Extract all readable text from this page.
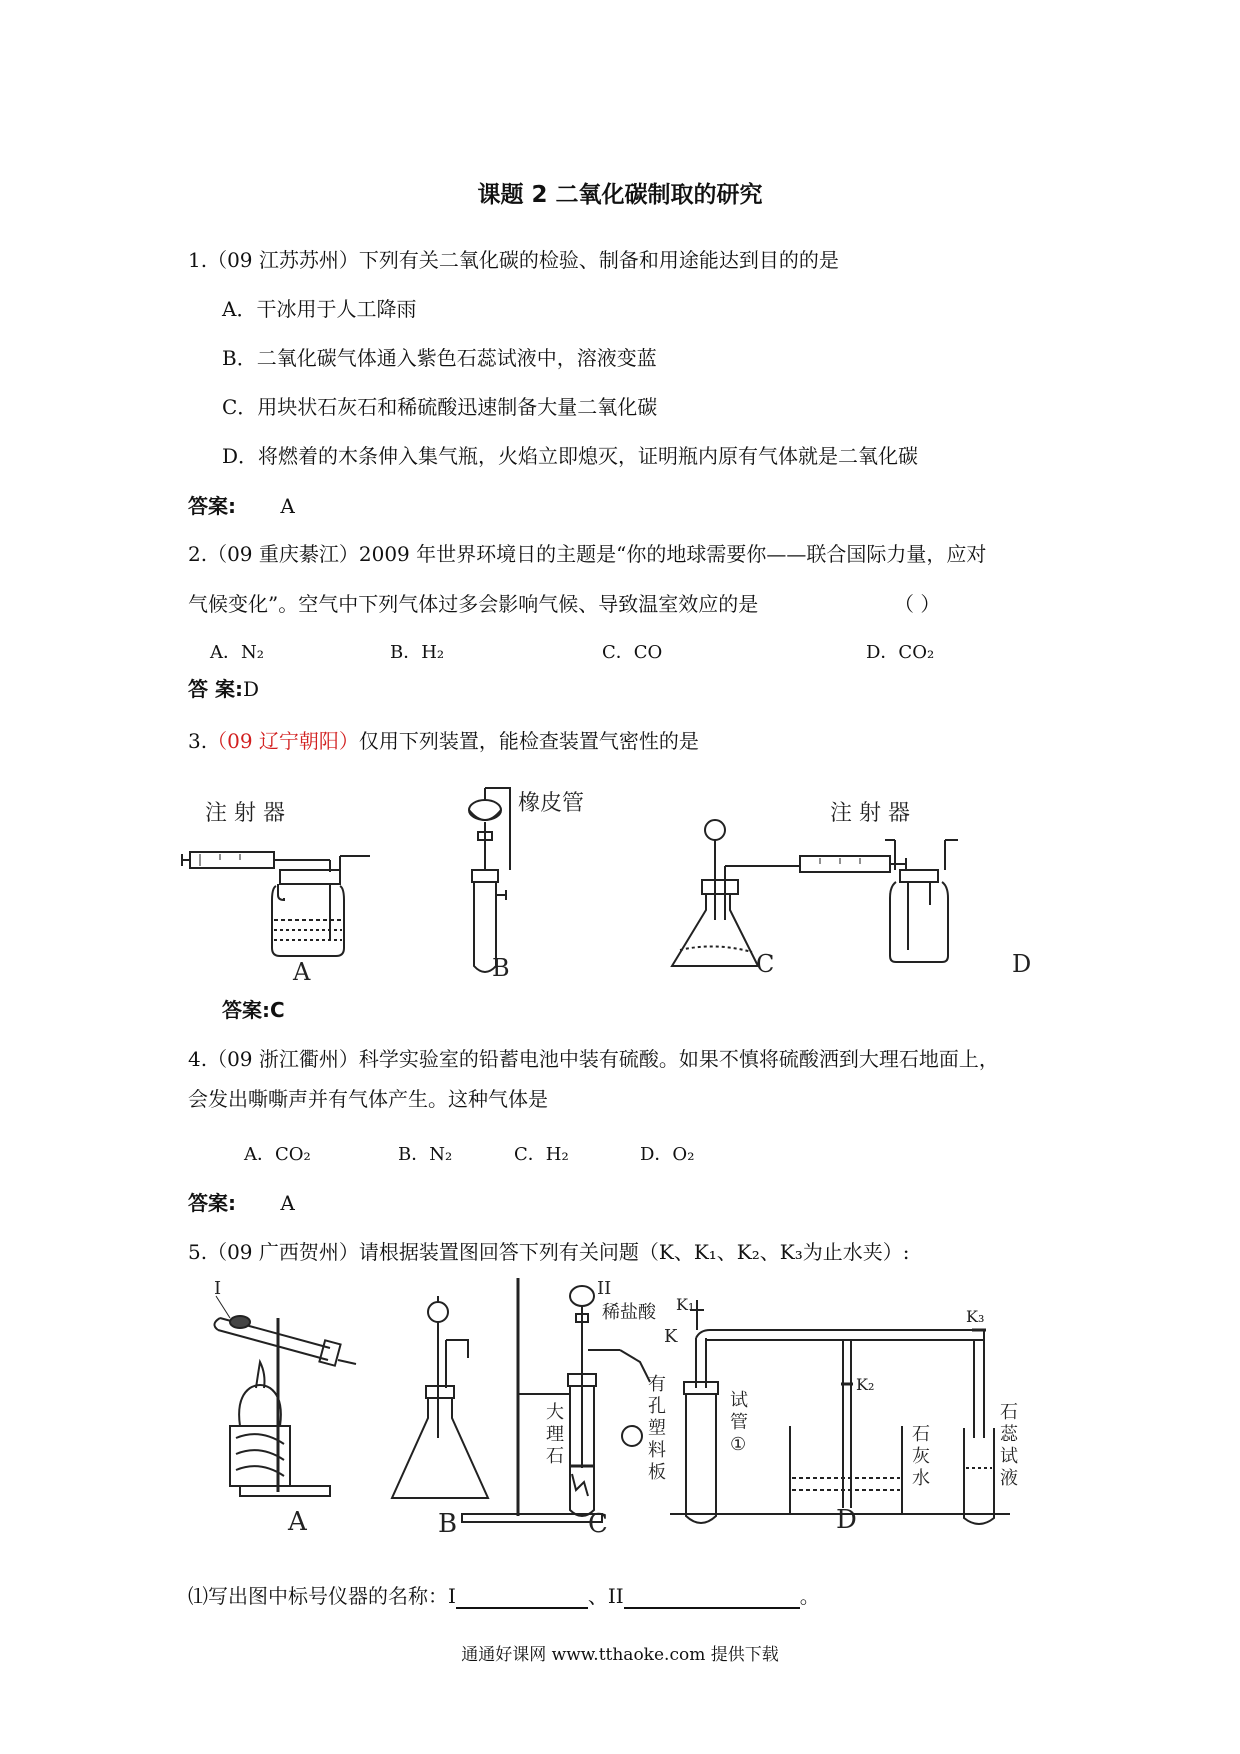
课题 2 二氧化碳制取的研究
1.（09 江苏苏州）下列有关二氧化碳的检验、制备和用途能达到目的的是
A．干冰用于人工降雨
B．二氧化碳气体通入紫色石蕊试液中，溶液变蓝
C．用块状石灰石和稀硫酸迅速制备大量二氧化碳
D．将燃着的木条伸入集气瓶，火焰立即熄灭，证明瓶内原有气体就是二氧化碳
答案: A
2.（09 重庆綦江）2009 年世界环境日的主题是“你的地球需要你——联合国际力量，应对
气候变化”。空气中下列气体过多会影响气候、导致温室效应的是	（ ）
A．N₂	B．H₂	C．CO	D．CO₂
答 案:D
3.（09 辽宁朝阳）仅用下列装置，能检查装置气密性的是
注 射 器	橡皮管	注 射 器
A	B	C	D
答案:C
4.（09 浙江衢州）科学实验室的铅蓄电池中装有硫酸。如果不慎将硫酸洒到大理石地面上，
会发出嘶嘶声并有气体产生。这种气体是
A．CO₂	B．N₂	C．H₂	D．O₂
答案: A
5.（09 广西贺州）请根据装置图回答下列有关问题（K、K₁、K₂、K₃为止水夹）:
I	II
稀盐酸
K
大
理
石
有
孔
塑
料
板
K₁
K₂
K₃
试
管
①	石
灰
水
石
蕊
试
液
A	B	C	D
⑴写出图中标号仪器的名称：I	、II	。
通通好课网 www.tthaoke.com 提供下载
